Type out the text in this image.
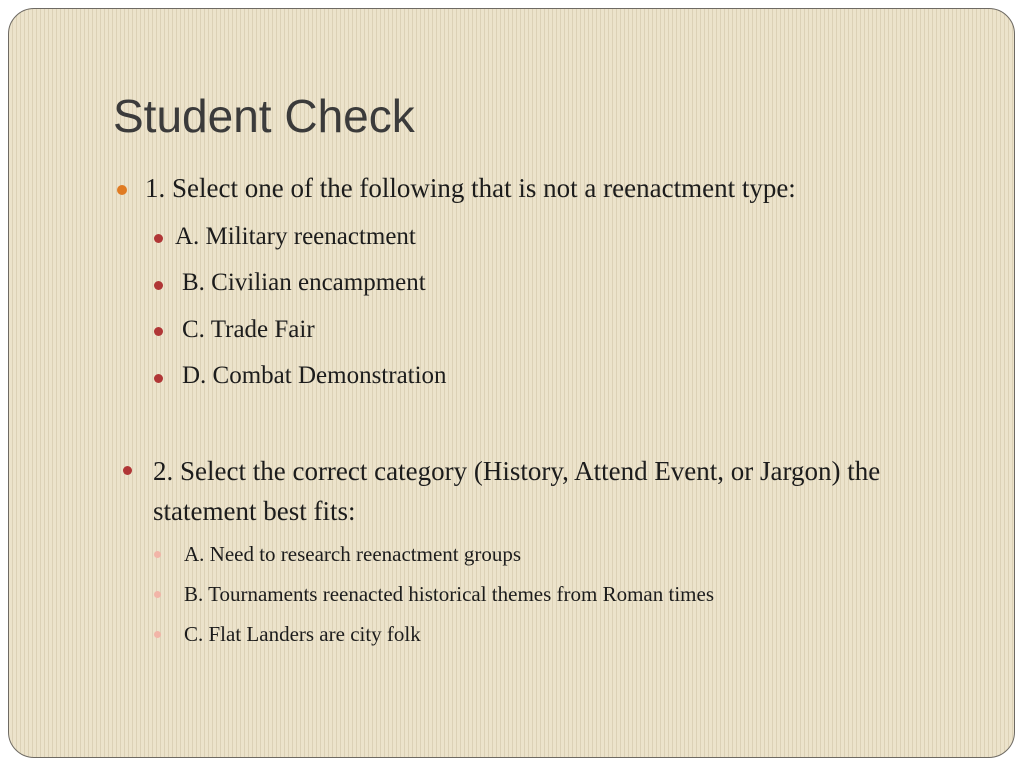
Student Check
1. Select one of the following that is not a reenactment type:
A. Military reenactment
B. Civilian encampment
C. Trade Fair
D. Combat Demonstration
2. Select the correct category (History, Attend Event, or Jargon) the statement best fits:
A. Need to research reenactment groups
B. Tournaments reenacted historical themes from Roman times
C. Flat Landers are city folk
